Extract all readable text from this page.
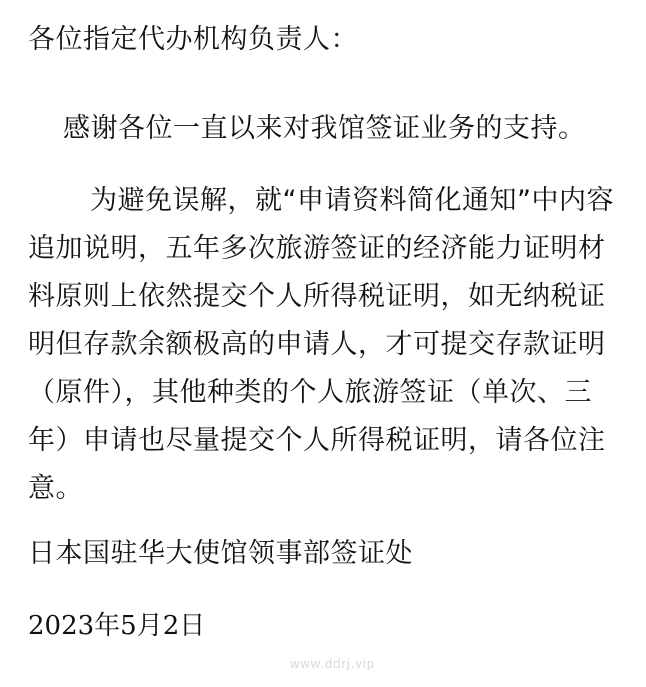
各位指定代办机构负责人：
感谢各位一直以来对我馆签证业务的支持。
为避免误解，就“申请资料简化通知”中内容
追加说明，五年多次旅游签证的经济能力证明材
料原则上依然提交个人所得税证明，如无纳税证
明但存款余额极高的申请人，才可提交存款证明
（原件），其他种类的个人旅游签证（单次、三
年）申请也尽量提交个人所得税证明，请各位注
意。
日本国驻华大使馆领事部签证处
2023年5月2日
www.ddrj.vip
